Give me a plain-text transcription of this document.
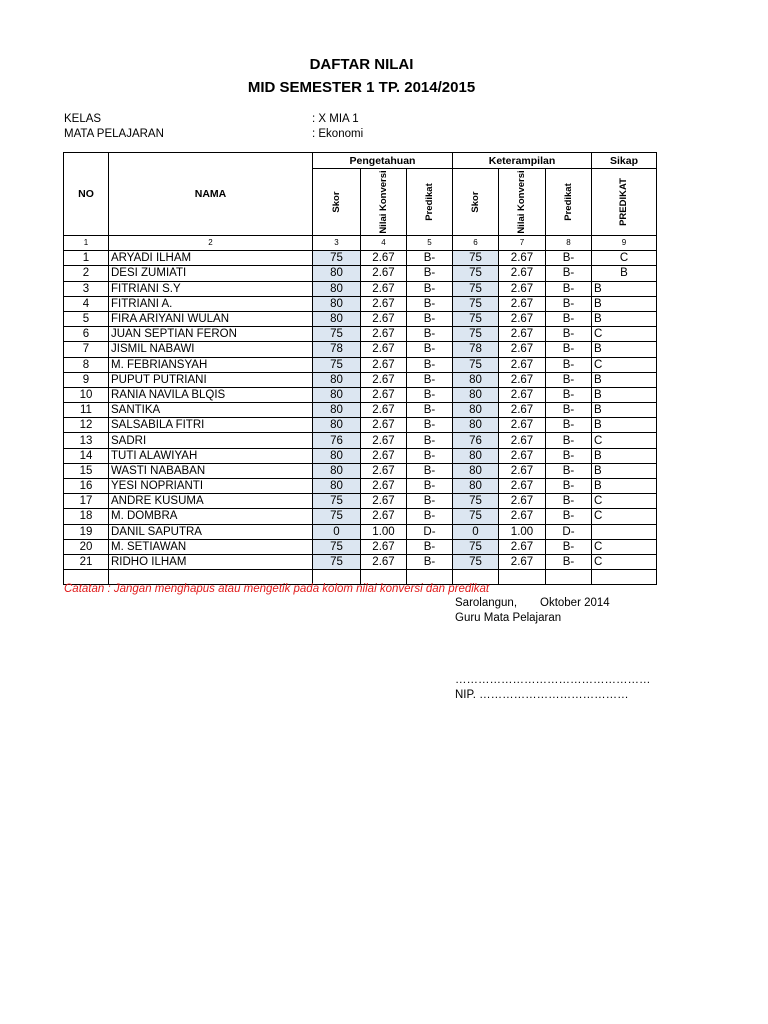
DAFTAR NILAI
MID SEMESTER 1 TP. 2014/2015
KELAS	: X MIA 1
MATA PELAJARAN	: Ekonomi
NO	NAMA	Pengetahuan			Keterampilan			Sikap

		Skor	Nilai Konversi	Predikat	Skor	Nilai Konversi	Predikat	PREDIKAT

1	2	3	4	5	6	7	8	9
1	ARYADI ILHAM	75	2.67	B-	75	2.67	B-	C
2	DESI ZUMIATI	80	2.67	B-	75	2.67	B-	B
3	FITRIANI S.Y	80	2.67	B-	75	2.67	B-	B
4	FITRIANI A.	80	2.67	B-	75	2.67	B-	B
5	FIRA ARIYANI WULAN	80	2.67	B-	75	2.67	B-	B
6	JUAN SEPTIAN FERON	75	2.67	B-	75	2.67	B-	C
7	JISMIL NABAWI	78	2.67	B-	78	2.67	B-	B
8	M. FEBRIANSYAH	75	2.67	B-	75	2.67	B-	C
9	PUPUT PUTRIANI	80	2.67	B-	80	2.67	B-	B
10	RANIA NAVILA BLQIS	80	2.67	B-	80	2.67	B-	B
11	SANTIKA	80	2.67	B-	80	2.67	B-	B
12	SALSABILA FITRI	80	2.67	B-	80	2.67	B-	B
13	SADRI	76	2.67	B-	76	2.67	B-	C
14	TUTI ALAWIYAH	80	2.67	B-	80	2.67	B-	B
15	WASTI NABABAN	80	2.67	B-	80	2.67	B-	B
16	YESI NOPRIANTI	80	2.67	B-	80	2.67	B-	B
17	ANDRE KUSUMA	75	2.67	B-	75	2.67	B-	C
18	M. DOMBRA	75	2.67	B-	75	2.67	B-	C
19	DANIL SAPUTRA	0	1.00	D-	0	1.00	D-	
20	M. SETIAWAN	75	2.67	B-	75	2.67	B-	C
21	RIDHO ILHAM	75	2.67	B-	75	2.67	B-	C

Catatan : Jangan menghapus atau mengetik pada kolom nilai konversi dan predikat
Sarolangun, Oktober 2014
Guru Mata Pelajaran
……………………………………………
NIP. …………………………………
